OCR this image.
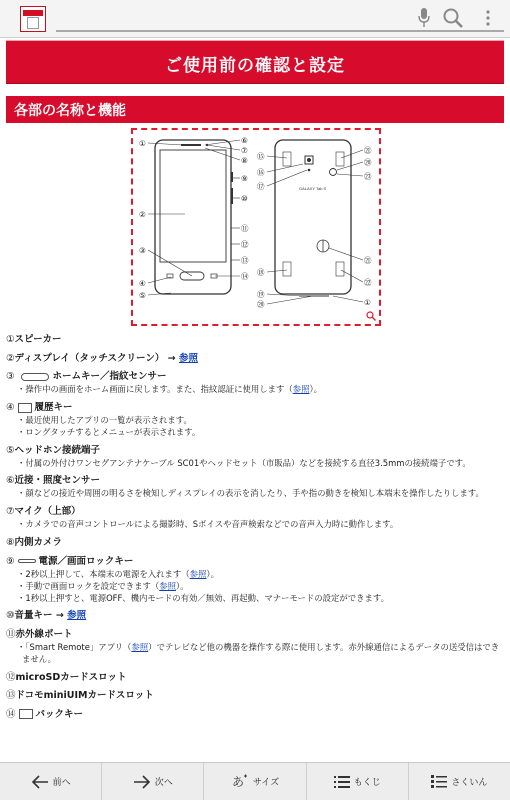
ご使用前の確認と設定
各部の名称と機能
GALAXY Tab S
①
②
③
④
⑤
⑥
⑦
⑧
⑨
⑩
⑪
⑫
⑬
⑭
⑮
⑯
⑰
⑱
⑲
⑳
㉑
⑳
㉓
㉑
㉒
①
①スピーカー
②ディスプレイ（タッチスクリーン） → 参照
③	ホームキー／指紋センサー
・操作中の画面をホーム画面に戻します。また、指紋認証に使用します（参照）。
④ 履歴キー
・最近使用したアプリの一覧が表示されます。
・ロングタッチするとメニューが表示されます。
⑤ヘッドホン接続端子
・付属の外付けワンセグアンテナケーブル SC01やヘッドセット（市販品）などを接続する直径3.5mmの接続端子です。
⑥近接・照度センサー
・顔などの接近や周囲の明るさを検知しディスプレイの表示を消したり、手や指の動きを検知し本端末を操作したりします。
⑦マイク（上部）
・カメラでの音声コントロールによる撮影時、Sボイスや音声検索などでの音声入力時に動作します。
⑧内側カメラ
⑨	電源／画面ロックキー
・2秒以上押して、本端末の電源を入れます（参照）。
・手動で画面ロックを設定できます（参照）。
・1秒以上押すと、電源OFF、機内モードの有効／無効、再起動、マナーモードの設定ができます。
⑩音量キー → 参照
⑪赤外線ポート
・「Smart Remote」アプリ（参照）でテレビなど他の機器を操作する際に使用します。赤外線通信によるデータの送受信はできません。
⑫microSDカードスロット
⑬ドコモminiUIMカードスロット
⑭ バックキー
前へ	次へ	あ サイズ	もくじ	さくいん
